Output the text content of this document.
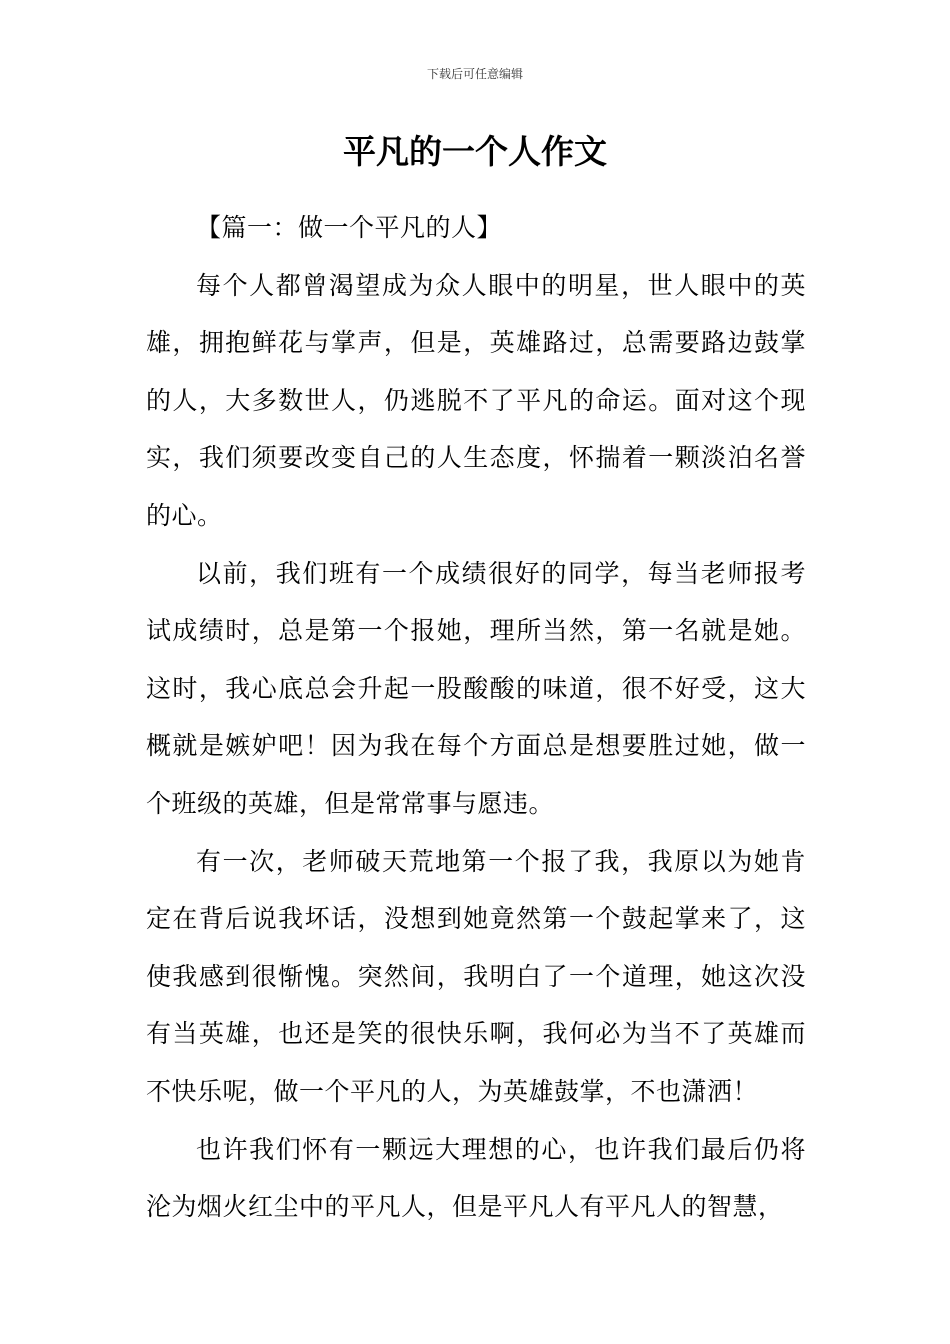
下载后可任意编辑
平凡的一个人作文

【篇一：做一个平凡的人】

每个人都曾渴望成为众人眼中的明星，世人眼中的英雄，拥抱鲜花与掌声，但是，英雄路过，总需要路边鼓掌的人，大多数世人，仍逃脱不了平凡的命运。面对这个现实，我们须要改变自己的人生态度，怀揣着一颗淡泊名誉的心。

以前，我们班有一个成绩很好的同学，每当老师报考试成绩时，总是第一个报她，理所当然，第一名就是她。这时，我心底总会升起一股酸酸的味道，很不好受，这大概就是嫉妒吧！因为我在每个方面总是想要胜过她，做一个班级的英雄，但是常常事与愿违。

有一次，老师破天荒地第一个报了我，我原以为她肯定在背后说我坏话，没想到她竟然第一个鼓起掌来了，这使我感到很惭愧。突然间，我明白了一个道理，她这次没有当英雄，也还是笑的很快乐啊，我何必为当不了英雄而不快乐呢，做一个平凡的人，为英雄鼓掌，不也潇洒！

也许我们怀有一颗远大理想的心，也许我们最后仍将沦为烟火红尘中的平凡人，但是平凡人有平凡人的智慧，
